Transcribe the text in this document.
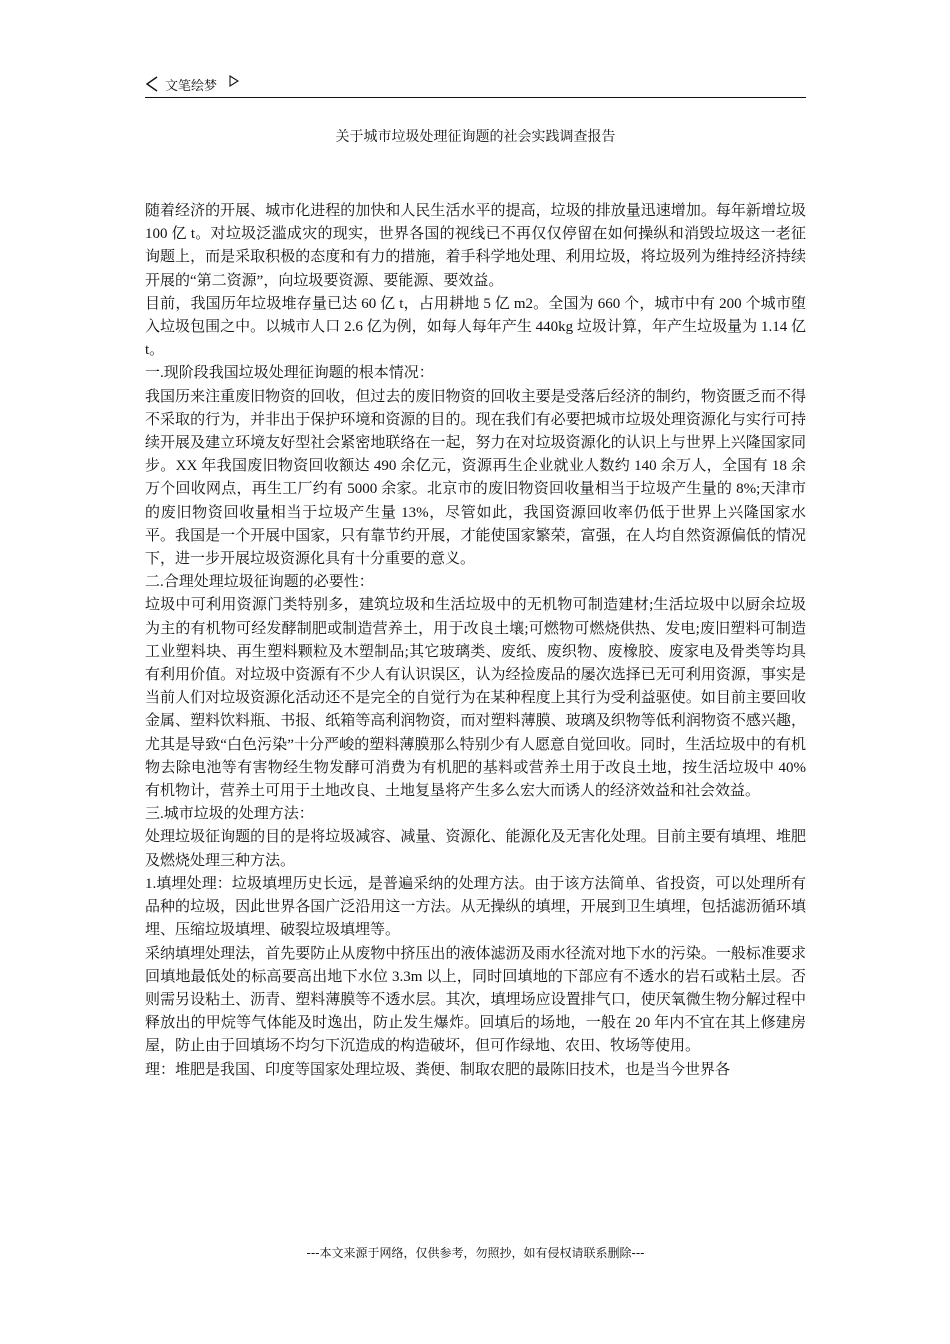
文笔绘梦
关于城市垃圾处理征询题的社会实践调查报告

随着经济的开展、城市化进程的加快和人民生活水平的提高，垃圾的排放量迅速增加。每年新增垃圾 100 亿 t。对垃圾泛滥成灾的现实，世界各国的视线已不再仅仅停留在如何操纵和消毁垃圾这一老征询题上，而是采取积极的态度和有力的措施，着手科学地处理、利用垃圾，将垃圾列为维持经济持续开展的“第二资源”，向垃圾要资源、要能源、要效益。

目前，我国历年垃圾堆存量已达 60 亿 t，占用耕地 5 亿 m2。全国为 660 个，城市中有 200 个城市堕入垃圾包围之中。以城市人口 2.6 亿为例，如每人每年产生 440kg 垃圾计算，年产生垃圾量为 1.14 亿 t。

一.现阶段我国垃圾处理征询题的根本情况：

我国历来注重废旧物资的回收，但过去的废旧物资的回收主要是受落后经济的制约，物资匮乏而不得不采取的行为，并非出于保护环境和资源的目的。现在我们有必要把城市垃圾处理资源化与实行可持续开展及建立环境友好型社会紧密地联络在一起，努力在对垃圾资源化的认识上与世界上兴隆国家同步。XX 年我国废旧物资回收额达 490 余亿元，资源再生企业就业人数约 140 余万人，全国有 18 余万个回收网点，再生工厂约有 5000 余家。北京市的废旧物资回收量相当于垃圾产生量的 8%;天津市的废旧物资回收量相当于垃圾产生量 13%，尽管如此，我国资源回收率仍低于世界上兴隆国家水平。我国是一个开展中国家，只有靠节约开展，才能使国家繁荣，富强，在人均自然资源偏低的情况下，进一步开展垃圾资源化具有十分重要的意义。

二.合理处理垃圾征询题的必要性：

垃圾中可利用资源门类特别多，建筑垃圾和生活垃圾中的无机物可制造建材;生活垃圾中以厨余垃圾为主的有机物可经发酵制肥或制造营养土，用于改良土壤;可燃物可燃烧供热、发电;废旧塑料可制造工业塑料块、再生塑料颗粒及木塑制品;其它玻璃类、废纸、废织物、废橡胶、废家电及骨类等均具有利用价值。对垃圾中资源有不少人有认识误区，认为经捡废品的屡次选择已无可利用资源，事实是当前人们对垃圾资源化活动还不是完全的自觉行为在某种程度上其行为受利益驱使。如目前主要回收金属、塑料饮料瓶、书报、纸箱等高利润物资，而对塑料薄膜、玻璃及织物等低利润物资不感兴趣，尤其是导致“白色污染”十分严峻的塑料薄膜那么特别少有人愿意自觉回收。同时，生活垃圾中的有机物去除电池等有害物经生物发酵可消费为有机肥的基料或营养土用于改良土地，按生活垃圾中 40%有机物计，营养土可用于土地改良、土地复垦将产生多么宏大而诱人的经济效益和社会效益。

三.城市垃圾的处理方法：

处理垃圾征询题的目的是将垃圾减容、减量、资源化、能源化及无害化处理。目前主要有填埋、堆肥及燃烧处理三种方法。

1.填埋处理：垃圾填埋历史长远，是普遍采纳的处理方法。由于该方法简单、省投资，可以处理所有品种的垃圾，因此世界各国广泛沿用这一方法。从无操纵的填埋，开展到卫生填埋，包括滤沥循环填埋、压缩垃圾填埋、破裂垃圾填埋等。

采纳填埋处理法，首先要防止从废物中挤压出的液体滤沥及雨水径流对地下水的污染。一般标准要求回填地最低处的标高要高出地下水位 3.3m 以上，同时回填地的下部应有不透水的岩石或粘土层。否则需另设粘土、沥青、塑料薄膜等不透水层。其次，填埋场应设置排气口，使厌氧微生物分解过程中释放出的甲烷等气体能及时逸出，防止发生爆炸。回填后的场地，一般在 20 年内不宜在其上修建房屋，防止由于回填场不均匀下沉造成的构造破坏，但可作绿地、农田、牧场等使用。

理：堆肥是我国、印度等国家处理垃圾、粪便、制取农肥的最陈旧技术，也是当今世界各

---本文来源于网络，仅供参考，勿照抄，如有侵权请联系删除---
